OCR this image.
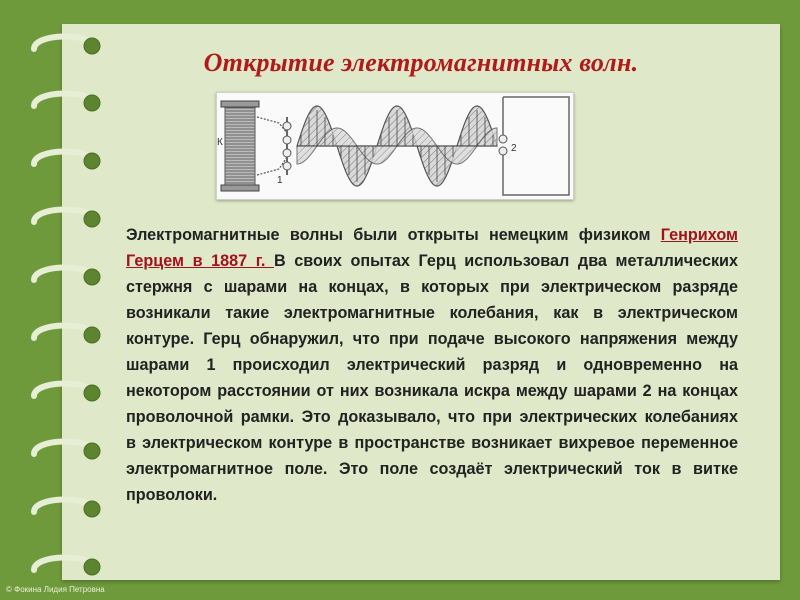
Открытие электромагнитных волн.
К
1
2
Электромагнитные волны были открыты немецким физиком Генрихом Герцем в 1887 г. В своих опытах Герц использовал два металлических стержня с шарами на концах, в которых при электрическом разряде возникали такие электромагнитные колебания, как в электрическом контуре. Герц обнаружил, что при подаче высокого напряжения между шарами 1 происходил электрический разряд и одновременно на некотором расстоянии от них возникала искра между шарами 2 на концах проволочной рамки. Это доказывало, что при электрических колебаниях в электрическом контуре в пространстве возникает вихревое переменное электромагнитное поле. Это поле создаёт электрический ток в витке проволоки.
© Фокина Лидия Петровна
